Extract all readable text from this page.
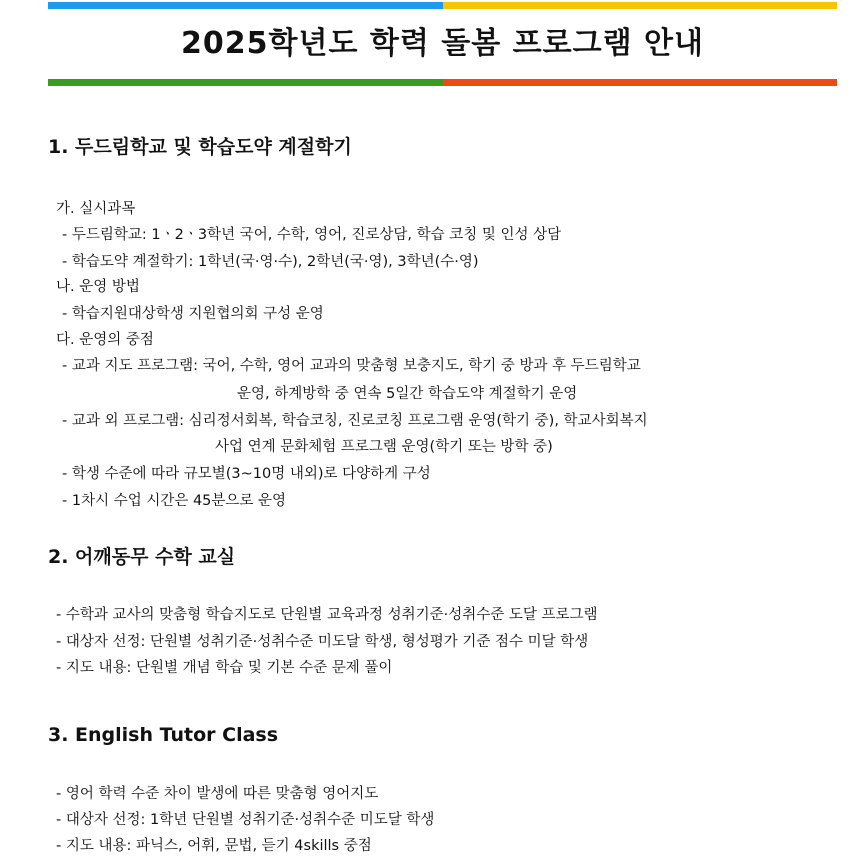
2025학년도 학력 돌봄 프로그램 안내
1. 두드림학교 및 학습도약 계절학기

가. 실시과목

- 두드림학교: 1ㆍ2ㆍ3학년 국어, 수학, 영어, 진로상담, 학습 코칭 및 인성 상담

- 학습도약 계절학기: 1학년(국·영·수), 2학년(국·영), 3학년(수·영)

나. 운영 방법

- 학습지원대상학생 지원협의회 구성 운영

다. 운영의 중점

- 교과 지도 프로그램: 국어, 수학, 영어 교과의 맞춤형 보충지도, 학기 중 방과 후 두드림학교

운영, 하계방학 중 연속 5일간 학습도약 계절학기 운영

- 교과 외 프로그램: 심리정서회복, 학습코칭, 진로코칭 프로그램 운영(학기 중), 학교사회복지

사업 연계 문화체험 프로그램 운영(학기 또는 방학 중)

- 학생 수준에 따라 규모별(3~10명 내외)로 다양하게 구성

- 1차시 수업 시간은 45분으로 운영

2. 어깨동무 수학 교실

- 수학과 교사의 맞춤형 학습지도로 단원별 교육과정 성취기준·성취수준 도달 프로그램

- 대상자 선정: 단원별 성취기준·성취수준 미도달 학생, 형성평가 기준 점수 미달 학생

- 지도 내용: 단원별 개념 학습 및 기본 수준 문제 풀이

3. English Tutor Class

- 영어 학력 수준 차이 발생에 따른 맞춤형 영어지도

- 대상자 선정: 1학년 단원별 성취기준·성취수준 미도달 학생

- 지도 내용: 파닉스, 어휘, 문법, 듣기 4skills 중점
